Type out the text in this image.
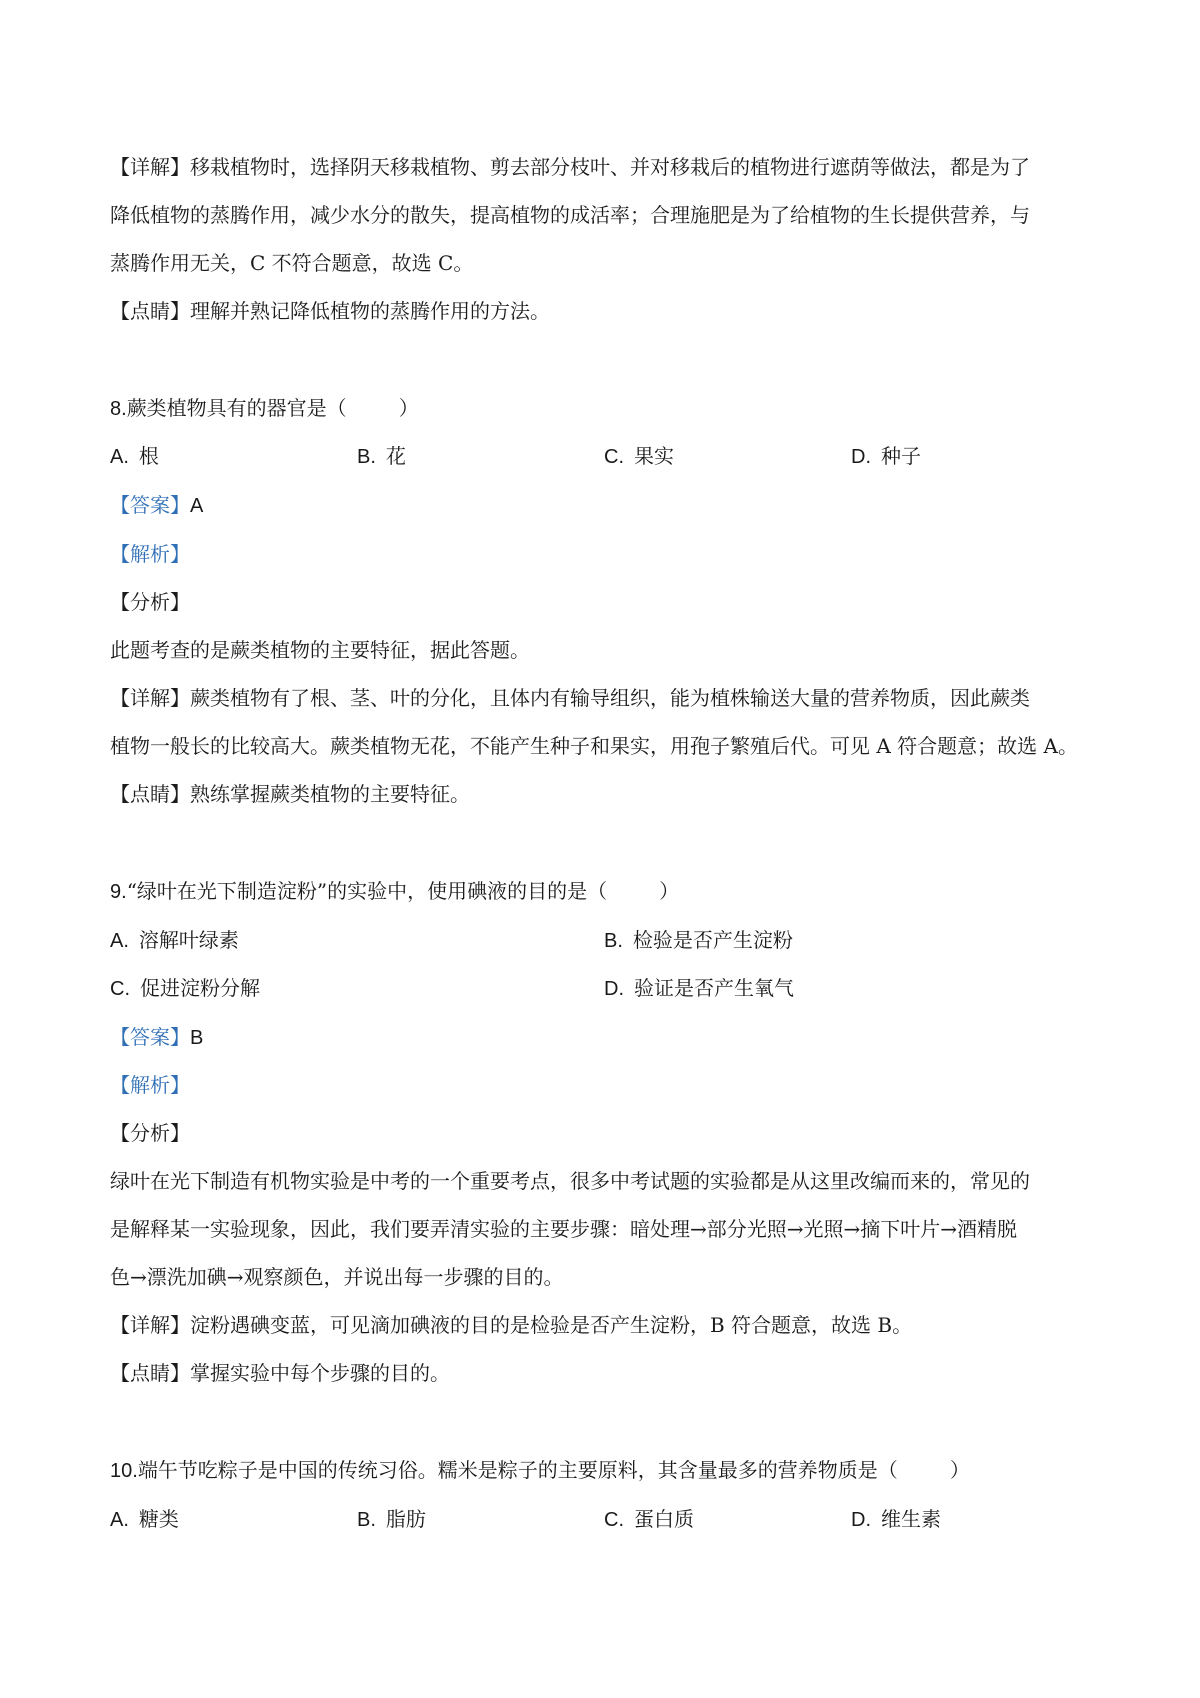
【详解】移栽植物时，选择阴天移栽植物、剪去部分枝叶、并对移栽后的植物进行遮荫等做法，都是为了
降低植物的蒸腾作用，减少水分的散失，提高植物的成活率；合理施肥是为了给植物的生长提供营养，与
蒸腾作用无关，C 不符合题意，故选 C。
【点睛】理解并熟记降低植物的蒸腾作用的方法。
8.蕨类植物具有的器官是（	）
A. 根	B. 花	C. 果实	D. 种子
【答案】A
【解析】
【分析】
此题考查的是蕨类植物的主要特征，据此答题。
【详解】蕨类植物有了根、茎、叶的分化，且体内有输导组织，能为植株输送大量的营养物质，因此蕨类
植物一般长的比较高大。蕨类植物无花，不能产生种子和果实，用孢子繁殖后代。可见 A 符合题意；故选 A。
【点睛】熟练掌握蕨类植物的主要特征。
9.“绿叶在光下制造淀粉”的实验中，使用碘液的目的是（	）
A. 溶解叶绿素	B. 检验是否产生淀粉
C. 促进淀粉分解	D. 验证是否产生氧气
【答案】B
【解析】
【分析】
绿叶在光下制造有机物实验是中考的一个重要考点，很多中考试题的实验都是从这里改编而来的，常见的
是解释某一实验现象，因此，我们要弄清实验的主要步骤：暗处理→部分光照→光照→摘下叶片→酒精脱
色→漂洗加碘→观察颜色，并说出每一步骤的目的。
【详解】淀粉遇碘变蓝，可见滴加碘液的目的是检验是否产生淀粉，B 符合题意，故选 B。
【点睛】掌握实验中每个步骤的目的。
10.端午节吃粽子是中国的传统习俗。糯米是粽子的主要原料，其含量最多的营养物质是（	）
A. 糖类	B. 脂肪	C. 蛋白质	D. 维生素
